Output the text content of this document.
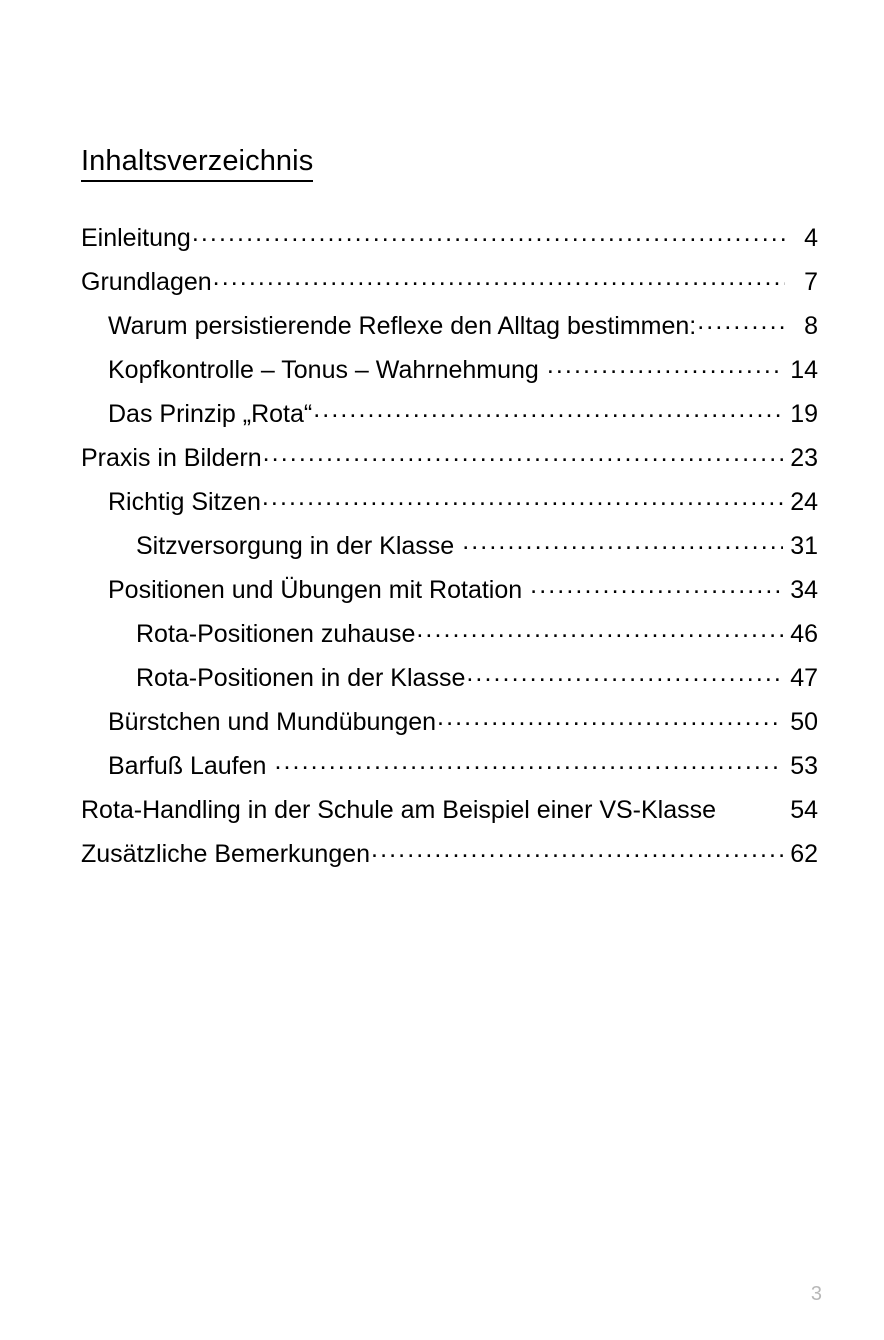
Inhaltsverzeichnis
Einleitung .....	4
Grundlagen .....	7
Warum persistierende Reflexe den Alltag bestimmen: .....	8
Kopfkontrolle – Tonus – Wahrnehmung .....	14
Das Prinzip „Rota“ .....	19
Praxis in Bildern .....	23
Richtig Sitzen .....	24
Sitzversorgung in der Klasse .....	31
Positionen und Übungen mit Rotation .....	34
Rota-Positionen zuhause .....	46
Rota-Positionen in der Klasse .....	47
Bürstchen und Mundübungen .....	50
Barfuß Laufen .....	53
Rota-Handling in der Schule am Beispiel einer VS-Klasse	54
Zusätzliche Bemerkungen .....	62
3
